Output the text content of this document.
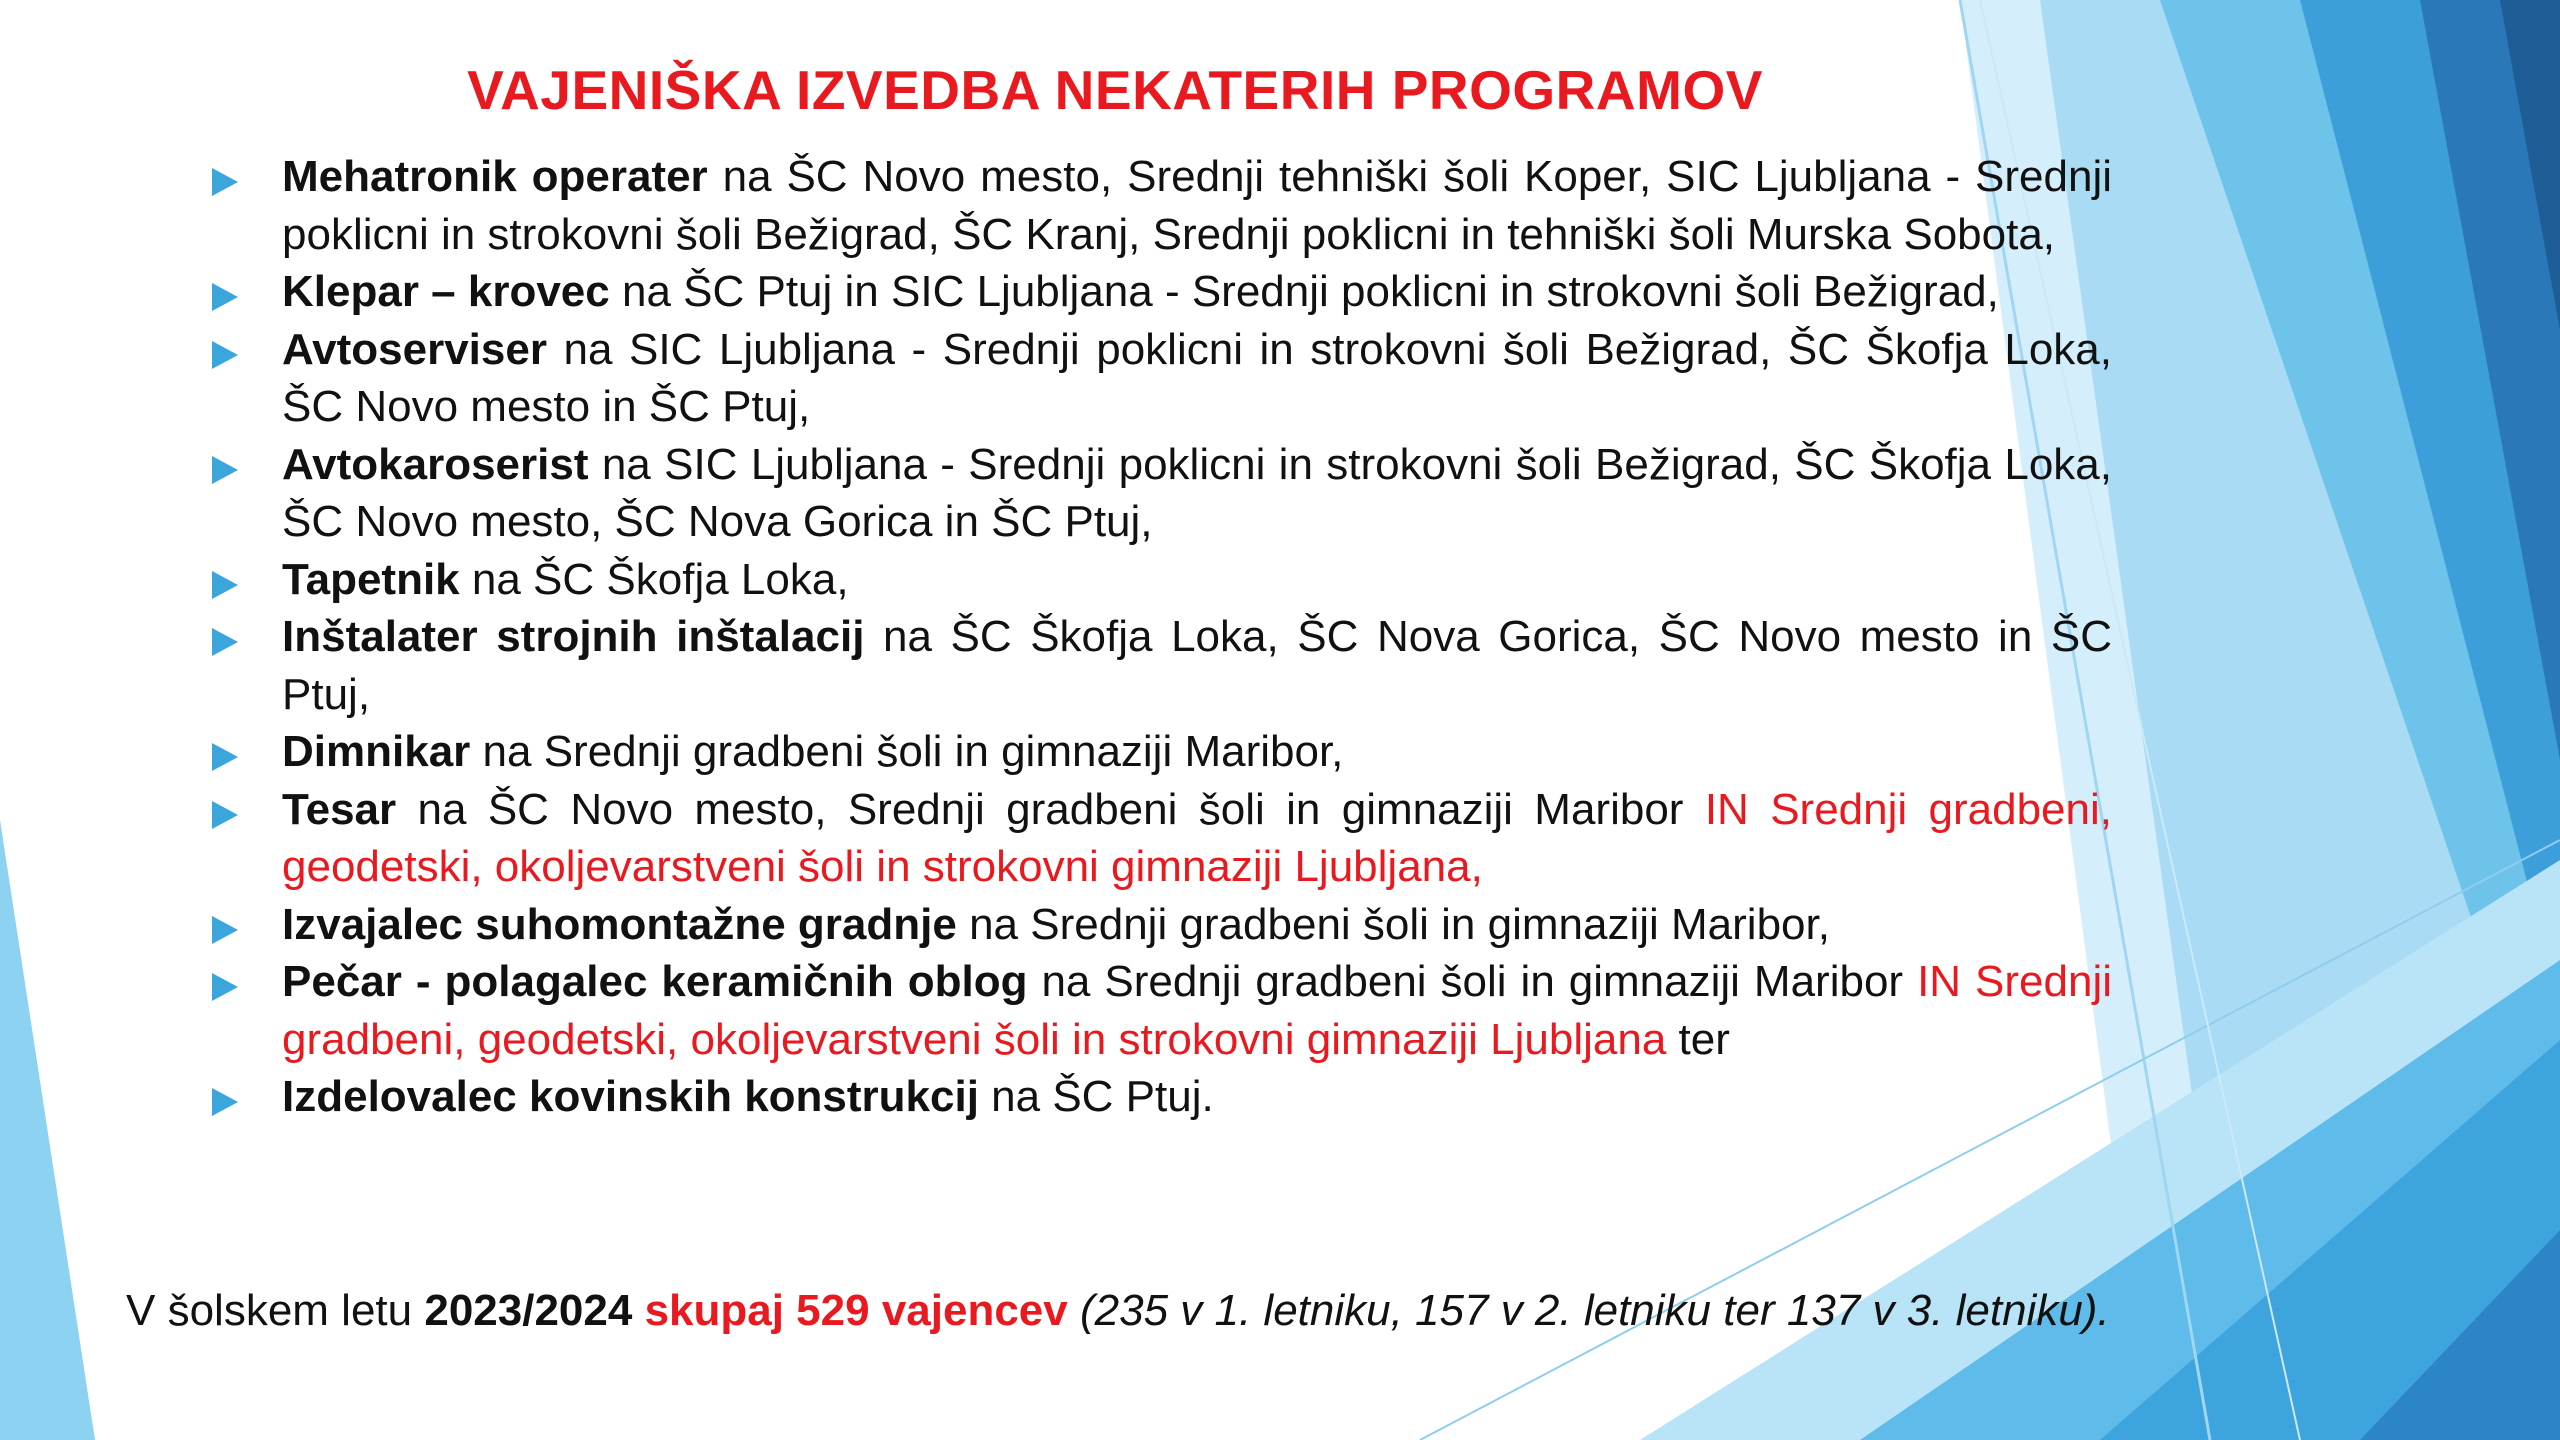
VAJENIŠKA IZVEDBA NEKATERIH PROGRAMOV
Mehatronik operater na ŠC Novo mesto, Srednji tehniški šoli Koper, SIC Ljubljana - Srednji poklicni in strokovni šoli Bežigrad, ŠC Kranj, Srednji poklicni in tehniški šoli Murska Sobota,
Klepar – krovec na ŠC Ptuj in SIC Ljubljana - Srednji poklicni in strokovni šoli Bežigrad,
Avtoserviser na SIC Ljubljana - Srednji poklicni in strokovni šoli Bežigrad, ŠC Škofja Loka, ŠC Novo mesto in ŠC Ptuj,
Avtokaroserist na SIC Ljubljana - Srednji poklicni in strokovni šoli Bežigrad, ŠC Škofja Loka, ŠC Novo mesto, ŠC Nova Gorica in ŠC Ptuj,
Tapetnik na ŠC Škofja Loka,
Inštalater strojnih inštalacij na ŠC Škofja Loka, ŠC Nova Gorica, ŠC Novo mesto in ŠC Ptuj,
Dimnikar na Srednji gradbeni šoli in gimnaziji Maribor,
Tesar na ŠC Novo mesto, Srednji gradbeni šoli in gimnaziji Maribor IN Srednji gradbeni, geodetski, okoljevarstveni šoli in strokovni gimnaziji Ljubljana,
Izvajalec suhomontažne gradnje na Srednji gradbeni šoli in gimnaziji Maribor,
Pečar - polagalec keramičnih oblog na Srednji gradbeni šoli in gimnaziji Maribor IN Srednji gradbeni, geodetski, okoljevarstveni šoli in strokovni gimnaziji Ljubljana ter
Izdelovalec kovinskih konstrukcij na ŠC Ptuj.

V šolskem letu 2023/2024 skupaj 529 vajencev (235 v 1. letniku, 157 v 2. letniku ter 137 v 3. letniku).
